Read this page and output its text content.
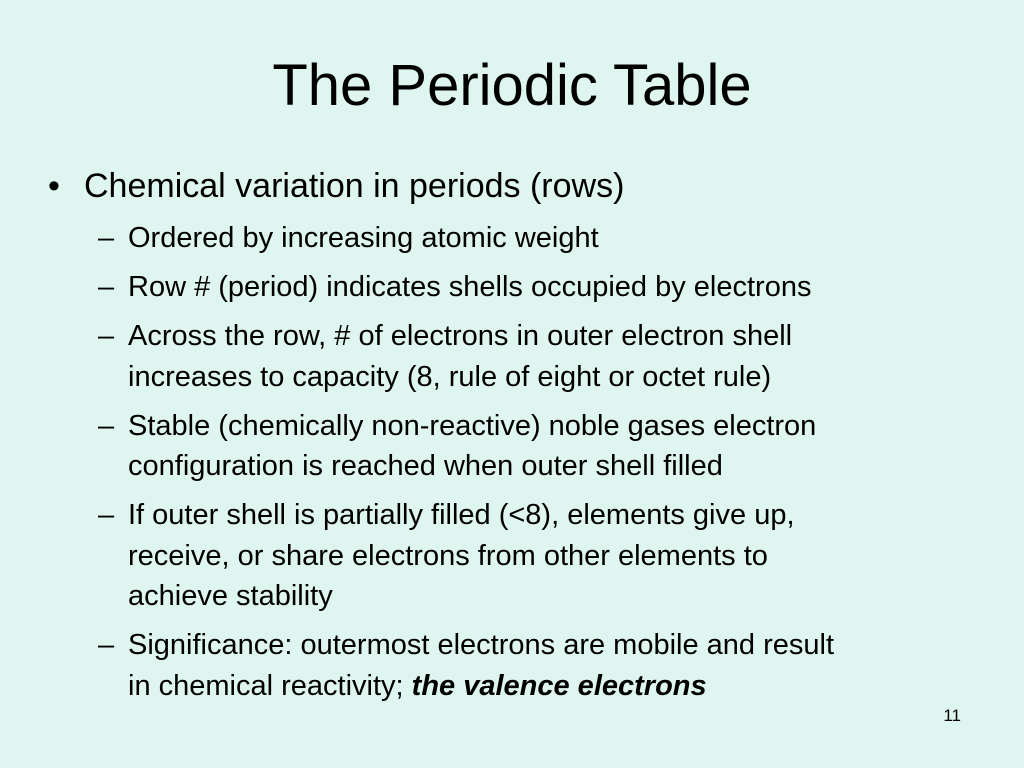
The Periodic Table
• Chemical variation in periods (rows)
– Ordered by increasing atomic weight
– Row # (period) indicates shells occupied by electrons
– Across the row, # of electrons in outer electron shell
increases to capacity (8, rule of eight or octet rule)
– Stable (chemically non-reactive) noble gases electron
configuration is reached when outer shell filled
– If outer shell is partially filled (<8), elements give up,
receive, or share electrons from other elements to
achieve stability
– Significance: outermost electrons are mobile and result
in chemical reactivity; the valence electrons
11
